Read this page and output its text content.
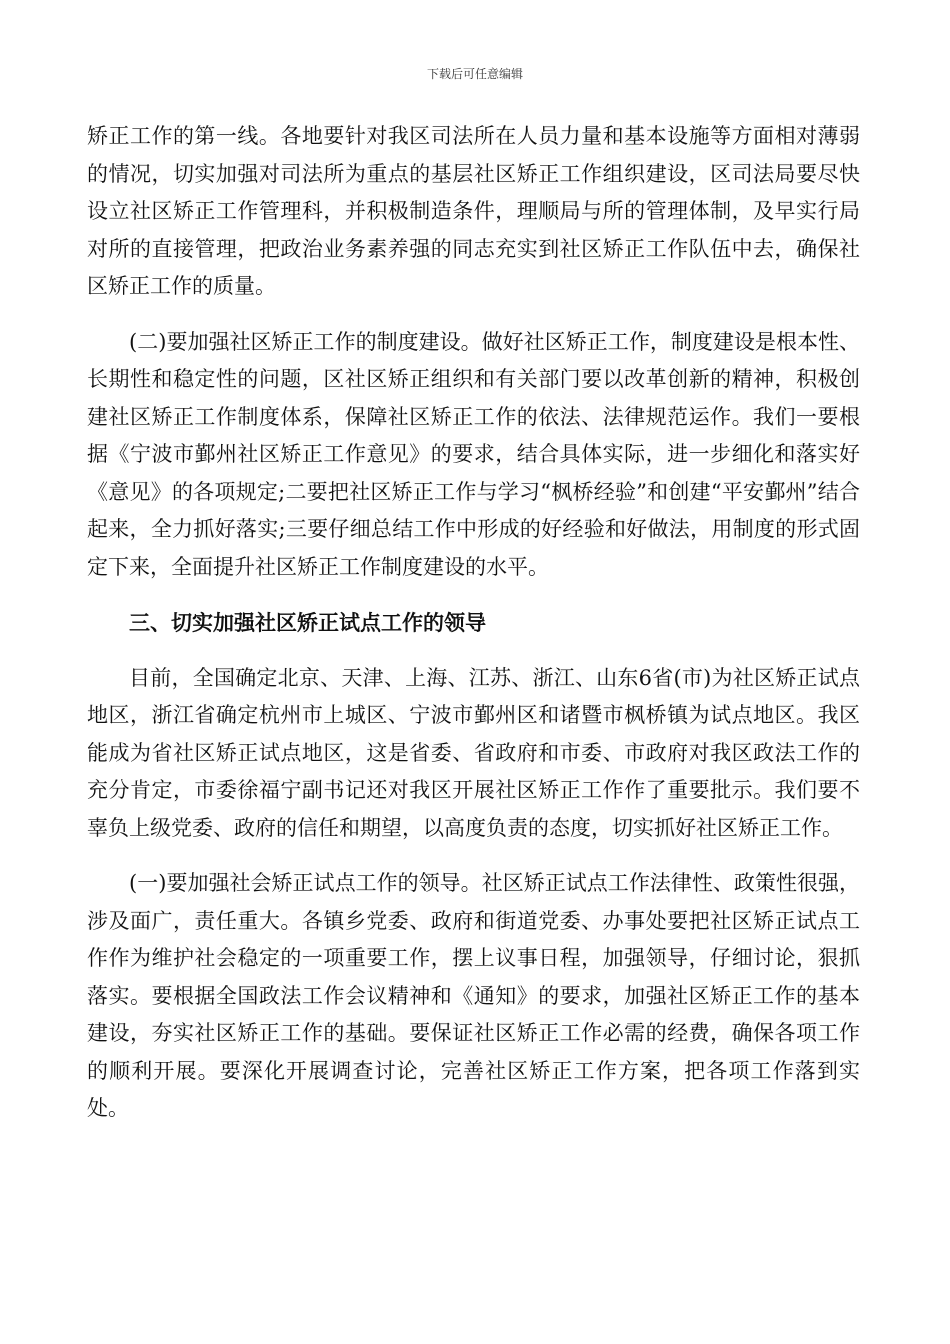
下载后可任意编辑

矫正工作的第一线。各地要针对我区司法所在人员力量和基本设施等方面相对薄弱的情况，切实加强对司法所为重点的基层社区矫正工作组织建设，区司法局要尽快设立社区矫正工作管理科，并积极制造条件，理顺局与所的管理体制，及早实行局对所的直接管理，把政治业务素养强的同志充实到社区矫正工作队伍中去，确保社区矫正工作的质量。

(二)要加强社区矫正工作的制度建设。做好社区矫正工作，制度建设是根本性、长期性和稳定性的问题，区社区矫正组织和有关部门要以改革创新的精神，积极创建社区矫正工作制度体系，保障社区矫正工作的依法、法律规范运作。我们一要根据《宁波市鄞州社区矫正工作意见》的要求，结合具体实际，进一步细化和落实好《意见》的各项规定;二要把社区矫正工作与学习“枫桥经验”和创建“平安鄞州”结合起来，全力抓好落实;三要仔细总结工作中形成的好经验和好做法，用制度的形式固定下来，全面提升社区矫正工作制度建设的水平。

三、切实加强社区矫正试点工作的领导

目前，全国确定北京、天津、上海、江苏、浙江、山东6省(市)为社区矫正试点地区，浙江省确定杭州市上城区、宁波市鄞州区和诸暨市枫桥镇为试点地区。我区能成为省社区矫正试点地区，这是省委、省政府和市委、市政府对我区政法工作的充分肯定，市委徐福宁副书记还对我区开展社区矫正工作作了重要批示。我们要不辜负上级党委、政府的信任和期望，以高度负责的态度，切实抓好社区矫正工作。

(一)要加强社会矫正试点工作的领导。社区矫正试点工作法律性、政策性很强，涉及面广，责任重大。各镇乡党委、政府和街道党委、办事处要把社区矫正试点工作作为维护社会稳定的一项重要工作，摆上议事日程，加强领导，仔细讨论，狠抓落实。要根据全国政法工作会议精神和《通知》的要求，加强社区矫正工作的基本建设，夯实社区矫正工作的基础。要保证社区矫正工作必需的经费，确保各项工作的顺利开展。要深化开展调查讨论，完善社区矫正工作方案，把各项工作落到实处。
